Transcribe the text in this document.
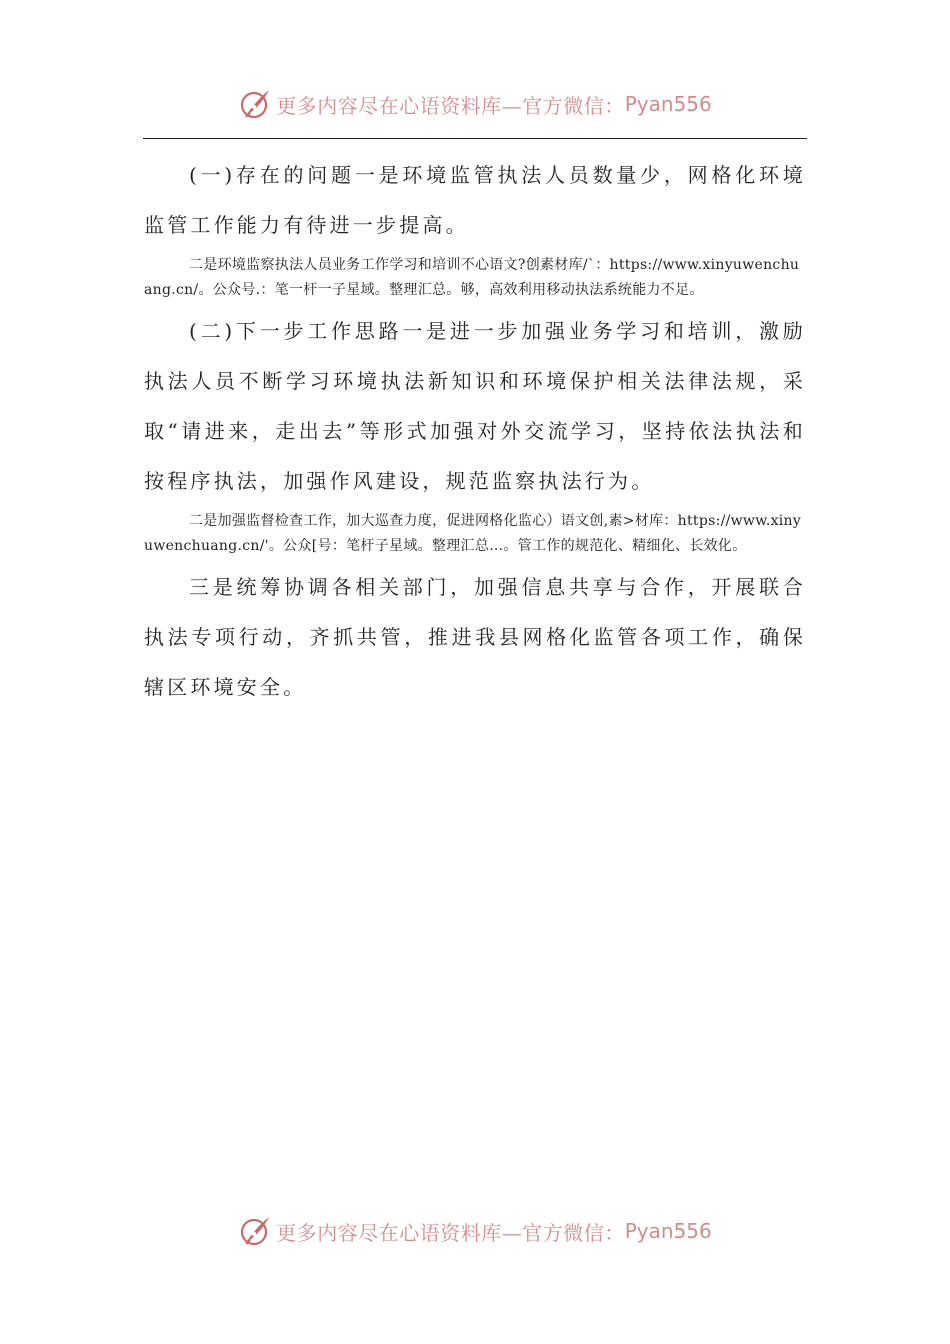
更多内容尽在心语资料库—官方微信： Pyan556

(一)存在的问题一是环境监管执法人员数量少，网格化环境监管工作能力有待进一步提高。

二是环境监察执法人员业务工作学习和培训不心语文?创素材库/`：https://www.xinyuwenchuang.cn/。公众号.：笔一杆一子星域。整理汇总。够，高效利用移动执法系统能力不足。

(二)下一步工作思路一是进一步加强业务学习和培训，激励执法人员不断学习环境执法新知识和环境保护相关法律法规，采取“请进来，走出去”等形式加强对外交流学习，坚持依法执法和按程序执法，加强作风建设，规范监察执法行为。

二是加强监督检查工作，加大巡查力度，促进网格化监心）语文创,素>材库：https://www.xinyuwenchuang.cn/'。公众[号：笔杆子星域。整理汇总…。管工作的规范化、精细化、长效化。

三是统筹协调各相关部门，加强信息共享与合作，开展联合执法专项行动，齐抓共管，推进我县网格化监管各项工作，确保辖区环境安全。

更多内容尽在心语资料库—官方微信： Pyan556
